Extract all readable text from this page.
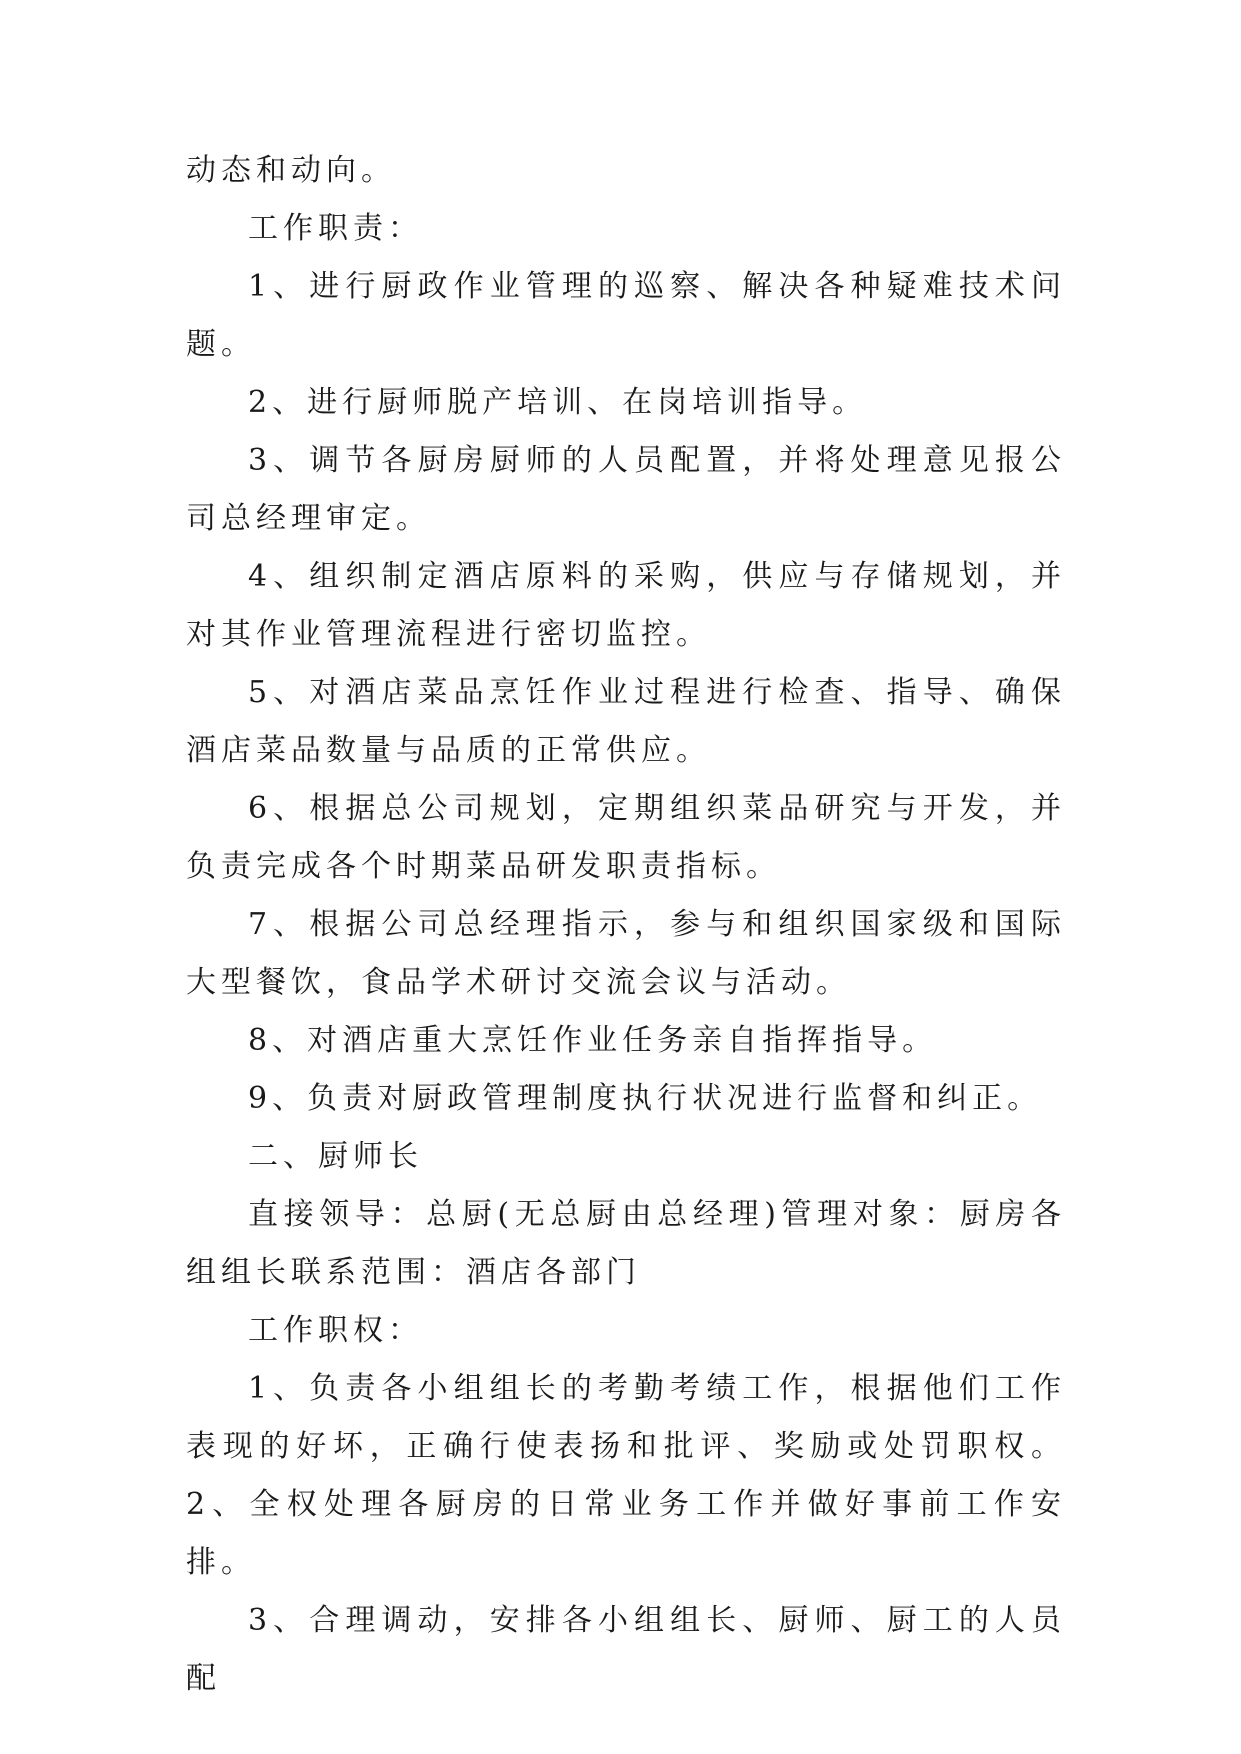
动态和动向。

工作职责：

1、进行厨政作业管理的巡察、解决各种疑难技术问题。

2、进行厨师脱产培训、在岗培训指导。

3、调节各厨房厨师的人员配置，并将处理意见报公司总经理审定。

4、组织制定酒店原料的采购，供应与存储规划，并对其作业管理流程进行密切监控。

5、对酒店菜品烹饪作业过程进行检查、指导、确保酒店菜品数量与品质的正常供应。

6、根据总公司规划，定期组织菜品研究与开发，并负责完成各个时期菜品研发职责指标。

7、根据公司总经理指示，参与和组织国家级和国际大型餐饮，食品学术研讨交流会议与活动。

8、对酒店重大烹饪作业任务亲自指挥指导。

9、负责对厨政管理制度执行状况进行监督和纠正。

二、厨师长

直接领导：总厨(无总厨由总经理)管理对象：厨房各组组长联系范围：酒店各部门

工作职权：

1、负责各小组组长的考勤考绩工作，根据他们工作表现的好坏，正确行使表扬和批评、奖励或处罚职权。2、全权处理各厨房的日常业务工作并做好事前工作安排。

3、合理调动，安排各小组组长、厨师、厨工的人员配
